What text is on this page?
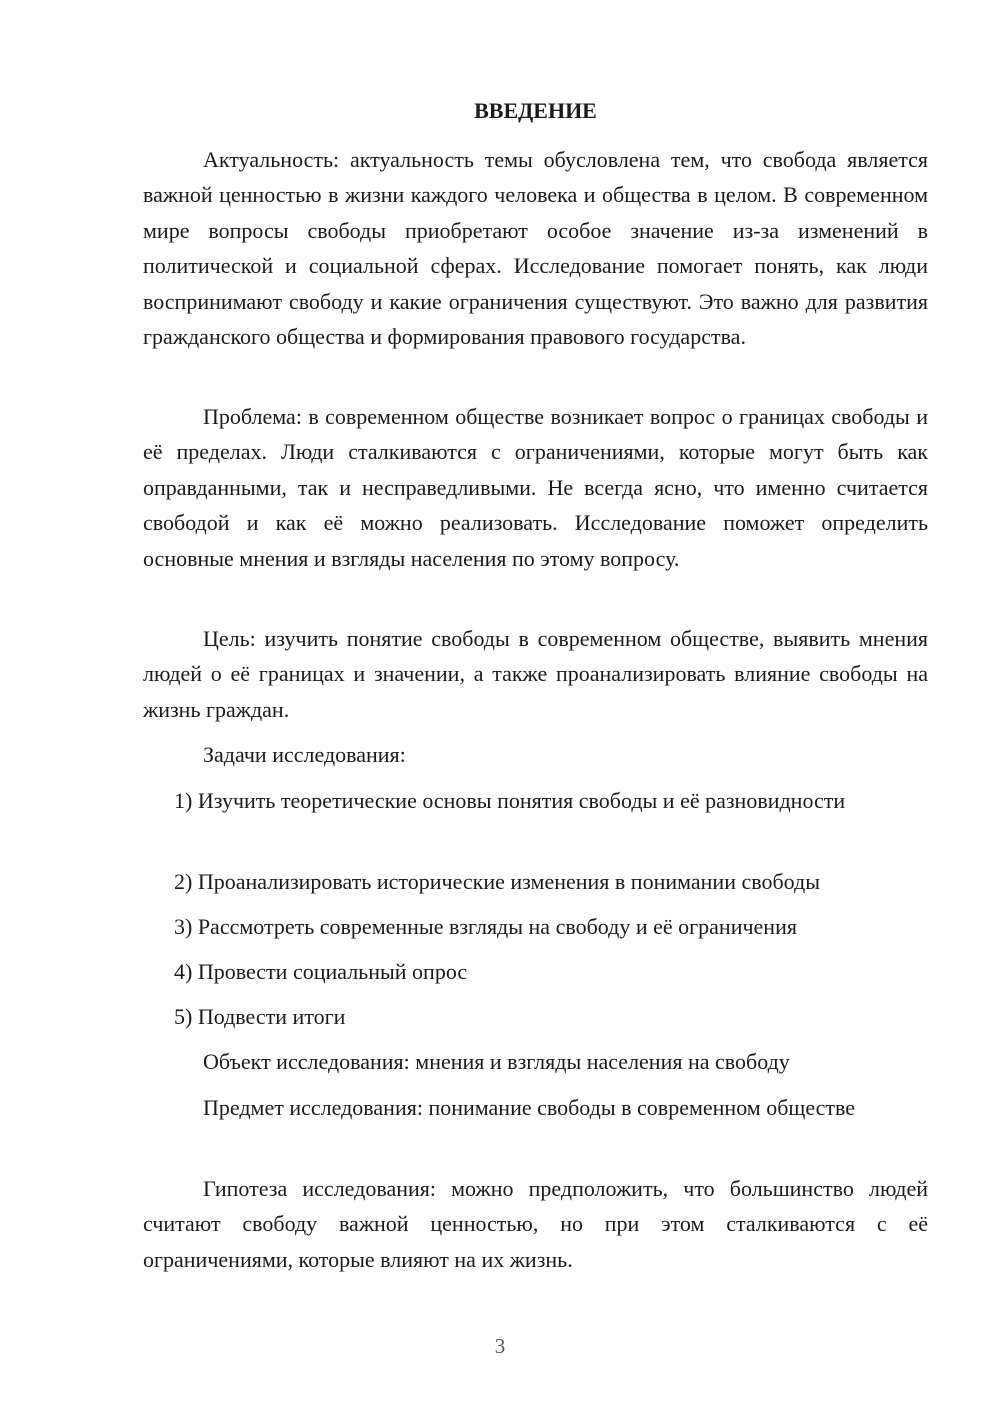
ВВЕДЕНИЕ

Актуальность: актуальность темы обусловлена тем, что свобода является важной ценностью в жизни каждого человека и общества в целом. В современном мире вопросы свободы приобретают особое значение из-за изменений в политической и социальной сферах. Исследование помогает понять, как люди воспринимают свободу и какие ограничения существуют. Это важно для развития гражданского общества и формирования правового государства.

Проблема: в современном обществе возникает вопрос о границах свободы и её пределах. Люди сталкиваются с ограничениями, которые могут быть как оправданными, так и несправедливыми. Не всегда ясно, что именно считается свободой и как её можно реализовать. Исследование поможет определить основные мнения и взгляды населения по этому вопросу.

Цель: изучить понятие свободы в современном обществе, выявить мнения людей о её границах и значении, а также проанализировать влияние свободы на жизнь граждан.

Задачи исследования:

1) Изучить теоретические основы понятия свободы и её разновидности

2) Проанализировать исторические изменения в понимании свободы

3) Рассмотреть современные взгляды на свободу и её ограничения

4) Провести социальный опрос

5) Подвести итоги

Объект исследования: мнения и взгляды населения на свободу

Предмет исследования: понимание свободы в современном обществе

Гипотеза исследования: можно предположить, что большинство людей считают свободу важной ценностью, но при этом сталкиваются с её ограничениями, которые влияют на их жизнь.

3
